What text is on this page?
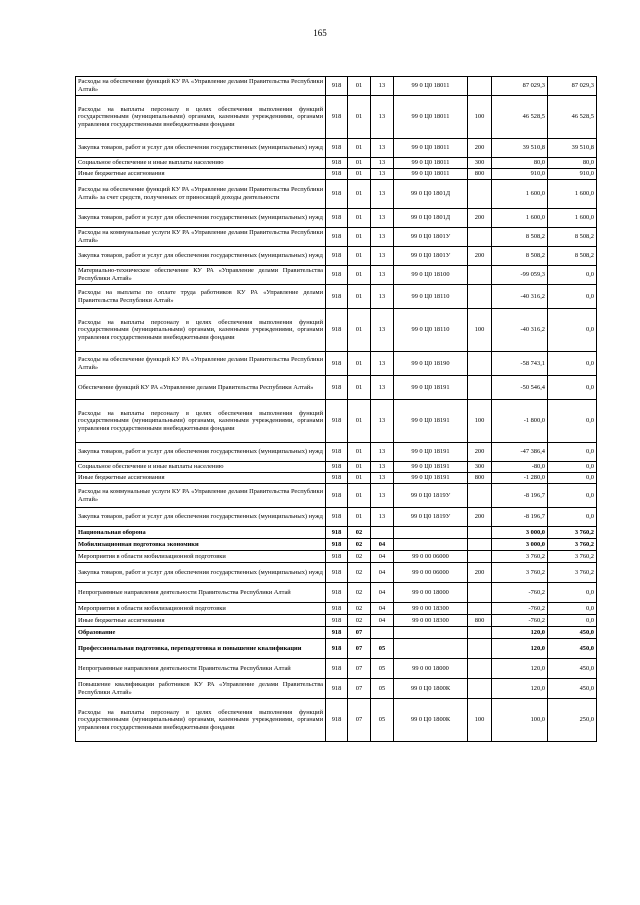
165
Расходы на обеспечение функций КУ РА «Управление делами Правительства Республики Алтай»	918	01	13	99 0 Ц0 18011		87 029,3	87 029,3
Расходы на выплаты персоналу в целях обеспечения выполнения функций государственными (муниципальными) органами, казенными учреждениями, органами управления государственными внебюджетными фондами	918	01	13	99 0 Ц0 18011	100	46 528,5	46 528,5
Закупка товаров, работ и услуг для обеспечения государственных (муниципальных) нужд	918	01	13	99 0 Ц0 18011	200	39 510,8	39 510,8
Социальное обеспечение и иные выплаты населению	918	01	13	99 0 Ц0 18011	300	80,0	80,0
Иные бюджетные ассигнования	918	01	13	99 0 Ц0 18011	800	910,0	910,0
Расходы на обеспечение функций КУ РА «Управление делами Правительства Республики Алтай» за счет средств, полученных от приносящей доходы деятельности	918	01	13	99 0 Ц0 1801Д		1 600,0	1 600,0
Закупка товаров, работ и услуг для обеспечения государственных (муниципальных) нужд	918	01	13	99 0 Ц0 1801Д	200	1 600,0	1 600,0
Расходы на коммунальные услуги КУ РА «Управление делами Правительства Республики Алтай»	918	01	13	99 0 Ц0 1801У		8 508,2	8 508,2
Закупка товаров, работ и услуг для обеспечения государственных (муниципальных) нужд	918	01	13	99 0 Ц0 1801У	200	8 508,2	8 508,2
Материально-техническое обеспечение КУ РА «Управление делами Правительства Республики Алтай»	918	01	13	99 0 Ц0 18100		-99 059,3	0,0
Расходы на выплаты по оплате труда работников КУ РА «Управление делами Правительства Республики Алтай»	918	01	13	99 0 Ц0 18110		-40 316,2	0,0
Расходы на выплаты персоналу в целях обеспечения выполнения функций государственными (муниципальными) органами, казенными учреждениями, органами управления государственными внебюджетными фондами	918	01	13	99 0 Ц0 18110	100	-40 316,2	0,0
Расходы на обеспечение функций КУ РА «Управление делами Правительства Республики Алтай»	918	01	13	99 0 Ц0 18190		-58 743,1	0,0
Обеспечение функций КУ РА «Управление делами Правительства Республики Алтай»	918	01	13	99 0 Ц0 18191		-50 546,4	0,0
Расходы на выплаты персоналу в целях обеспечения выполнения функций государственными (муниципальными) органами, казенными учреждениями, органами управления государственными внебюджетными фондами	918	01	13	99 0 Ц0 18191	100	-1 800,0	0,0
Закупка товаров, работ и услуг для обеспечения государственных (муниципальных) нужд	918	01	13	99 0 Ц0 18191	200	-47 386,4	0,0
Социальное обеспечение и иные выплаты населению	918	01	13	99 0 Ц0 18191	300	-80,0	0,0
Иные бюджетные ассигнования	918	01	13	99 0 Ц0 18191	800	-1 280,0	0,0
Расходы на коммунальные услуги КУ РА «Управление делами Правительства Республики Алтай»	918	01	13	99 0 Ц0 1819У		-8 196,7	0,0
Закупка товаров, работ и услуг для обеспечения государственных (муниципальных) нужд	918	01	13	99 0 Ц0 1819У	200	-8 196,7	0,0
Национальная оборона	918	02				3 000,0	3 760,2
Мобилизационная подготовка экономики	918	02	04			3 000,0	3 760,2
Мероприятия в области мобилизационной подготовки	918	02	04	99 0 00 06000		3 760,2	3 760,2
Закупка товаров, работ и услуг для обеспечения государственных (муниципальных) нужд	918	02	04	99 0 00 06000	200	3 760,2	3 760,2
Непрограммные направления деятельности Правительства Республики Алтай	918	02	04	99 0 00 18000		-760,2	0,0
Мероприятия в области мобилизационной подготовки	918	02	04	99 0 00 18300		-760,2	0,0
Иные бюджетные ассигнования	918	02	04	99 0 00 18300	800	-760,2	0,0
Образование	918	07				120,0	450,0
Профессиональная подготовка, переподготовка и повышение квалификации	918	07	05			120,0	450,0
Непрограммные направления деятельности Правительства Республики Алтай	918	07	05	99 0 00 18000		120,0	450,0
Повышение квалификации работников КУ РА «Управление делами Правительства Республики Алтай»	918	07	05	99 0 Ц0 1800К		120,0	450,0
Расходы на выплаты персоналу в целях обеспечения выполнения функций государственными (муниципальными) органами, казенными учреждениями, органами управления государственными внебюджетными фондами	918	07	05	99 0 Ц0 1800К	100	100,0	250,0
